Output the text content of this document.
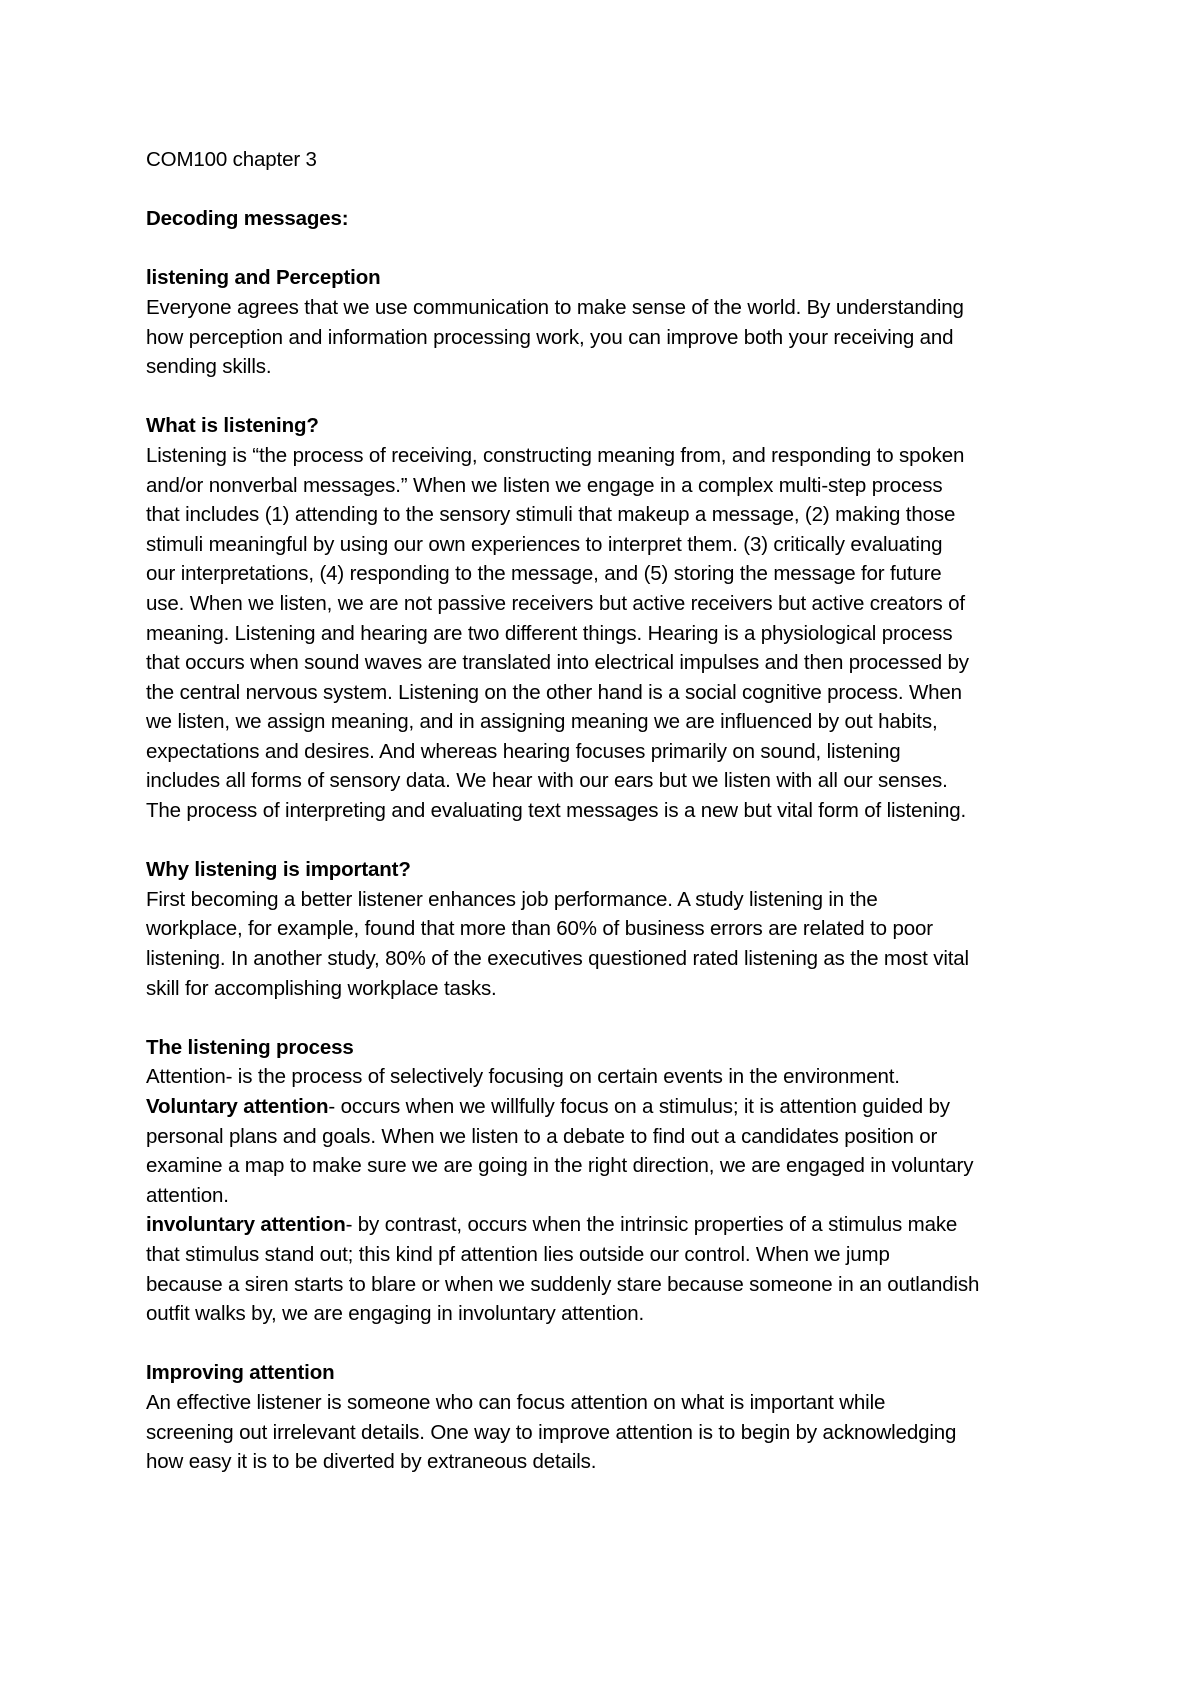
COM100 chapter 3

Decoding messages:

listening and Perception

Everyone agrees that we use communication to make sense of the world. By understanding

how perception and information processing work, you can improve both your receiving and

sending skills.

What is listening?

Listening is “the process of receiving, constructing meaning from, and responding to spoken

and/or nonverbal messages.” When we listen we engage in a complex multi-step process

that includes (1) attending to the sensory stimuli that makeup a message, (2) making those

stimuli meaningful by using our own experiences to interpret them. (3) critically evaluating

our interpretations, (4) responding to the message, and (5) storing the message for future

use. When we listen, we are not passive receivers but active receivers but active creators of

meaning. Listening and hearing are two different things. Hearing is a physiological process

that occurs when sound waves are translated into electrical impulses and then processed by

the central nervous system. Listening on the other hand is a social cognitive process. When

we listen, we assign meaning, and in assigning meaning we are influenced by out habits,

expectations and desires. And whereas hearing focuses primarily on sound, listening

includes all forms of sensory data. We hear with our ears but we listen with all our senses.

The process of interpreting and evaluating text messages is a new but vital form of listening.

Why listening is important?

First becoming a better listener enhances job performance. A study listening in the

workplace, for example, found that more than 60% of business errors are related to poor

listening. In another study, 80% of the executives questioned rated listening as the most vital

skill for accomplishing workplace tasks.

The listening process

Attention- is the process of selectively focusing on certain events in the environment.

Voluntary attention- occurs when we willfully focus on a stimulus; it is attention guided by

personal plans and goals. When we listen to a debate to find out a candidates position or

examine a map to make sure we are going in the right direction, we are engaged in voluntary

attention.

involuntary attention- by contrast, occurs when the intrinsic properties of a stimulus make

that stimulus stand out; this kind pf attention lies outside our control. When we jump

because a siren starts to blare or when we suddenly stare because someone in an outlandish

outfit walks by, we are engaging in involuntary attention.

Improving attention

An effective listener is someone who can focus attention on what is important while

screening out irrelevant details. One way to improve attention is to begin by acknowledging

how easy it is to be diverted by extraneous details.
